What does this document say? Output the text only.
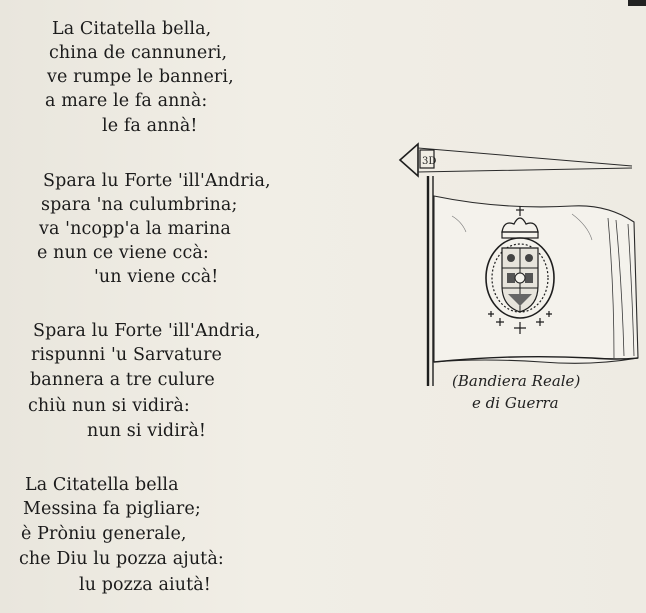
La Citatella bella,
china de cannuneri,
ve rumpe le banneri,
a mare le fa annà:
le fa annà!
Spara lu Forte 'ill'Andria,
spara 'na culumbrina;
va 'ncopp'a la marina
e nun ce viene ccà:
'un viene ccà!
Spara lu Forte 'ill'Andria,
rispunni 'u Sarvature
bannera a tre culure
chiù nun si vidirà:
nun si vidirà!
La Citatella bella
Messina fa pigliare;
è Pròniu generale,
che Diu lu pozza ajutà:
lu pozza aiutà!
3D
(Bandiera Reale)
e di Guerra
